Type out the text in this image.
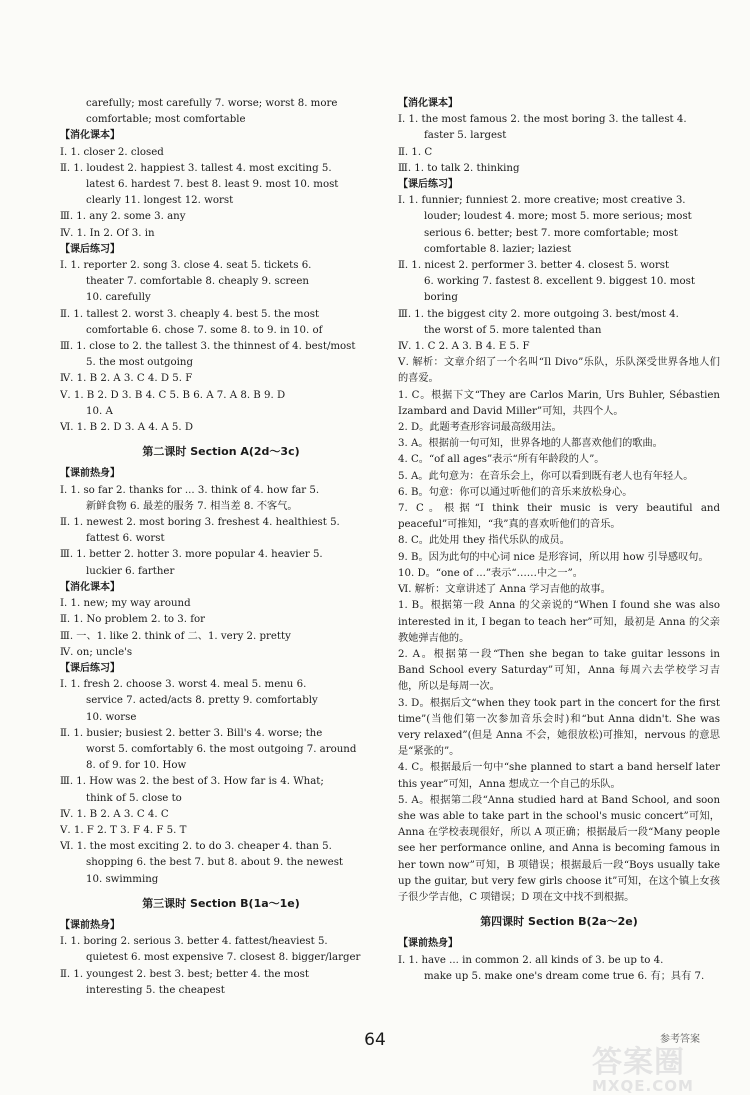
carefully; most carefully 7. worse; worst 8. more
comfortable; most comfortable
【消化课本】
Ⅰ. 1. closer 2. closed
Ⅱ. 1. loudest 2. happiest 3. tallest 4. most exciting 5.
latest 6. hardest 7. best 8. least 9. most 10. most
clearly 11. longest 12. worst
Ⅲ. 1. any 2. some 3. any
Ⅳ. 1. In 2. Of 3. in
【课后练习】
Ⅰ. 1. reporter 2. song 3. close 4. seat 5. tickets 6.
theater 7. comfortable 8. cheaply 9. screen
10. carefully
Ⅱ. 1. tallest 2. worst 3. cheaply 4. best 5. the most
comfortable 6. chose 7. some 8. to 9. in 10. of
Ⅲ. 1. close to 2. the tallest 3. the thinnest of 4. best/most
5. the most outgoing
Ⅳ. 1. B 2. A 3. C 4. D 5. F
Ⅴ. 1. B 2. D 3. B 4. C 5. B 6. A 7. A 8. B 9. D
10. A
Ⅵ. 1. B 2. D 3. A 4. A 5. D
第二课时 Section A(2d～3c)
【课前热身】
Ⅰ. 1. so far 2. thanks for ... 3. think of 4. how far 5.
新鲜食物 6. 最差的服务 7. 相当差 8. 不客气。
Ⅱ. 1. newest 2. most boring 3. freshest 4. healthiest 5.
fattest 6. worst
Ⅲ. 1. better 2. hotter 3. more popular 4. heavier 5.
luckier 6. farther
【消化课本】
Ⅰ. 1. new; my way around
Ⅱ. 1. No problem 2. to 3. for
Ⅲ. 一、1. like 2. think of 二、1. very 2. pretty
Ⅳ. on; uncle's
【课后练习】
Ⅰ. 1. fresh 2. choose 3. worst 4. meal 5. menu 6.
service 7. acted/acts 8. pretty 9. comfortably
10. worse
Ⅱ. 1. busier; busiest 2. better 3. Bill's 4. worse; the
worst 5. comfortably 6. the most outgoing 7. around
8. of 9. for 10. How
Ⅲ. 1. How was 2. the best of 3. How far is 4. What;
think of 5. close to
Ⅳ. 1. B 2. A 3. C 4. C
Ⅴ. 1. F 2. T 3. F 4. F 5. T
Ⅵ. 1. the most exciting 2. to do 3. cheaper 4. than 5.
shopping 6. the best 7. but 8. about 9. the newest
10. swimming
第三课时 Section B(1a～1e)
【课前热身】
Ⅰ. 1. boring 2. serious 3. better 4. fattest/heaviest 5.
quietest 6. most expensive 7. closest 8. bigger/larger
Ⅱ. 1. youngest 2. best 3. best; better 4. the most
interesting 5. the cheapest
【消化课本】
Ⅰ. 1. the most famous 2. the most boring 3. the tallest 4.
faster 5. largest
Ⅱ. 1. C
Ⅲ. 1. to talk 2. thinking
【课后练习】
Ⅰ. 1. funnier; funniest 2. more creative; most creative 3.
louder; loudest 4. more; most 5. more serious; most
serious 6. better; best 7. more comfortable; most
comfortable 8. lazier; laziest
Ⅱ. 1. nicest 2. performer 3. better 4. closest 5. worst
6. working 7. fastest 8. excellent 9. biggest 10. most
boring
Ⅲ. 1. the biggest city 2. more outgoing 3. best/most 4.
the worst of 5. more talented than
Ⅳ. 1. C 2. A 3. B 4. E 5. F
Ⅴ. 解析：文章介绍了一个名叫“Il Divo”乐队，乐队深受世界各地人们的喜爱。
1. C。根据下文“They are Carlos Marin, Urs Buhler, Sébastien Izambard and David Miller”可知，共四个人。
2. D。此题考查形容词最高级用法。
3. A。根据前一句可知，世界各地的人都喜欢他们的歌曲。
4. C。“of all ages”表示“所有年龄段的人”。
5. A。此句意为：在音乐会上，你可以看到既有老人也有年轻人。
6. B。句意：你可以通过听他们的音乐来放松身心。
7. C。根据“I think their music is very beautiful and peaceful”可推知，“我”真的喜欢听他们的音乐。
8. C。此处用 they 指代乐队的成员。
9. B。因为此句的中心词 nice 是形容词，所以用 how 引导感叹句。
10. D。“one of ...”表示“……中之一”。
Ⅵ. 解析：文章讲述了 Anna 学习吉他的故事。
1. B。根据第一段 Anna 的父亲说的“When I found she was also interested in it, I began to teach her”可知，最初是 Anna 的父亲教她弹吉他的。
2. A。根据第一段“Then she began to take guitar lessons in Band School every Saturday”可知，Anna 每周六去学校学习吉他，所以是每周一次。
3. D。根据后文“when they took part in the concert for the first time”(当他们第一次参加音乐会时)和“but Anna didn't. She was very relaxed”(但是 Anna 不会，她很放松)可推知，nervous 的意思是“紧张的”。
4. C。根据最后一句中“she planned to start a band herself later this year”可知，Anna 想成立一个自己的乐队。
5. A。根据第二段“Anna studied hard at Band School, and soon she was able to take part in the school's music concert”可知，Anna 在学校表现很好，所以 A 项正确；根据最后一段“Many people see her performance online, and Anna is becoming famous in her town now”可知，B 项错误；根据最后一段“Boys usually take up the guitar, but very few girls choose it”可知，在这个镇上女孩子很少学吉他，C 项错误；D 项在文中找不到根据。
第四课时 Section B(2a～2e)
【课前热身】
Ⅰ. 1. have ... in common 2. all kinds of 3. be up to 4.
make up 5. make one's dream come true 6. 有；具有 7.
64	参考答案
答案圈
MXQE.COM
